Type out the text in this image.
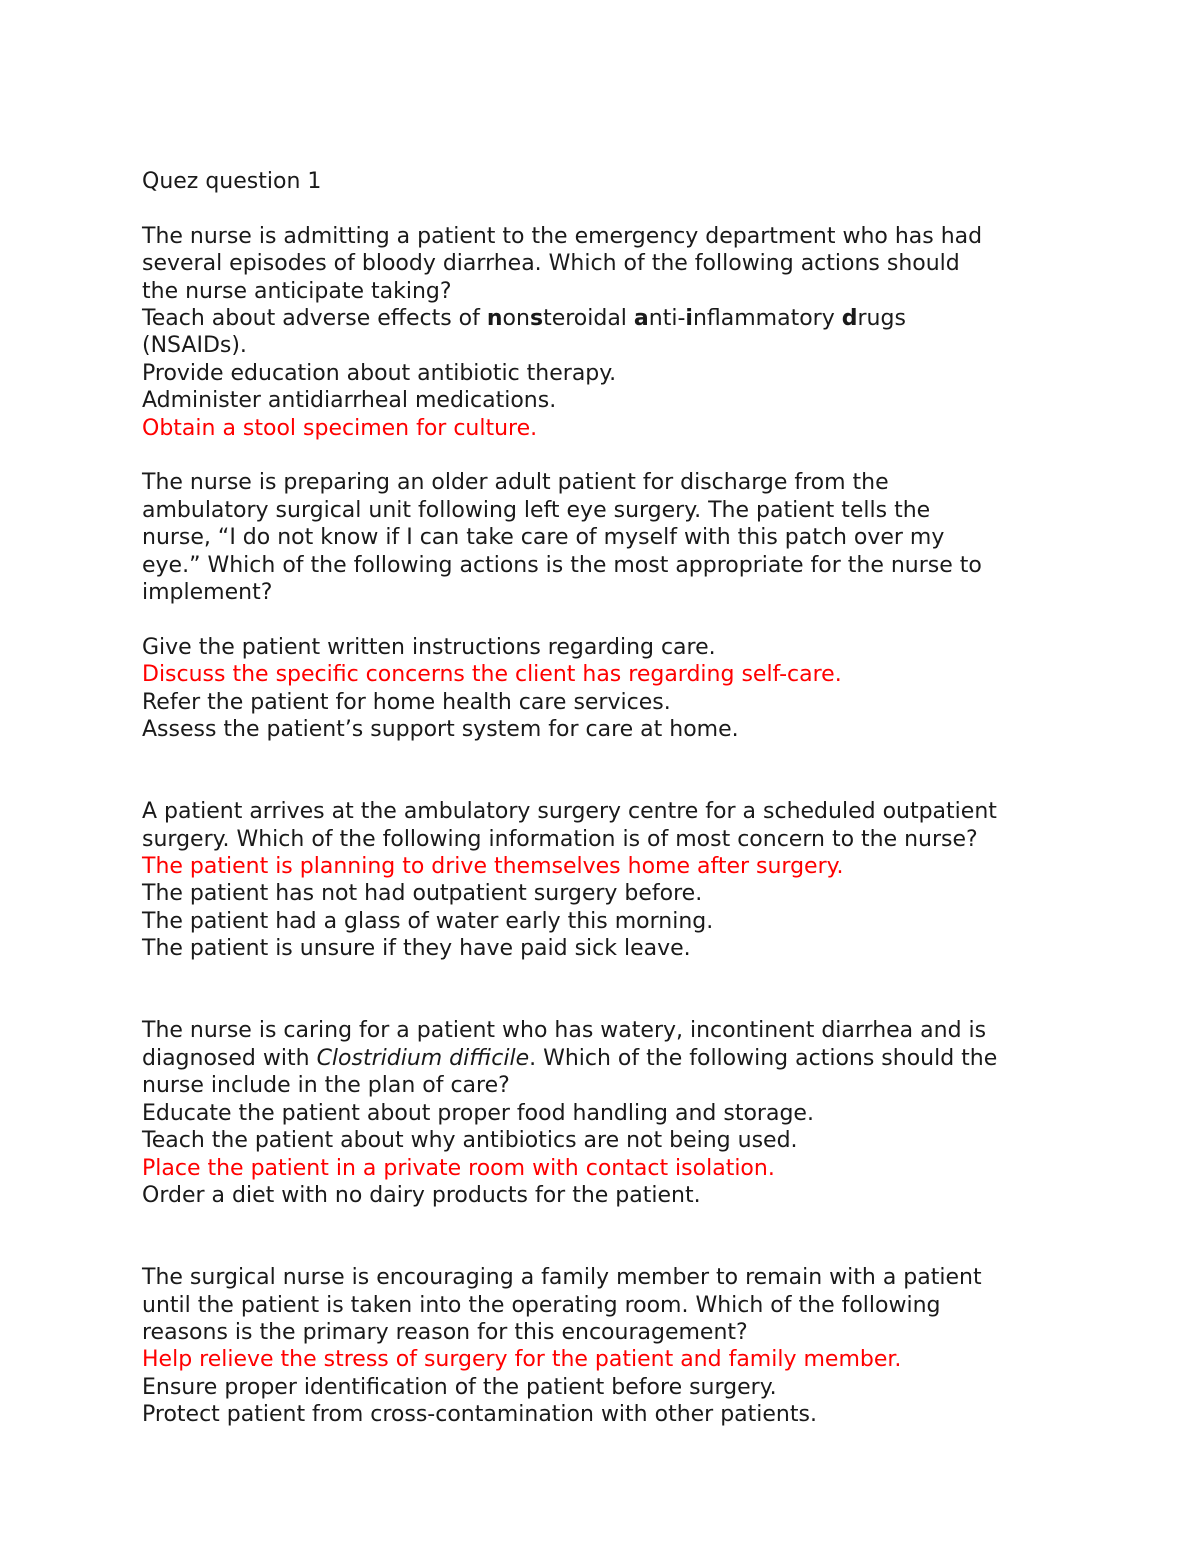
Quez question 1
The nurse is admitting a patient to the emergency department who has had
several episodes of bloody diarrhea. Which of the following actions should
the nurse anticipate taking?
Teach about adverse effects of nonsteroidal anti-inflammatory drugs
(NSAIDs).
Provide education about antibiotic therapy.
Administer antidiarrheal medications.
Obtain a stool specimen for culture.
The nurse is preparing an older adult patient for discharge from the
ambulatory surgical unit following left eye surgery. The patient tells the
nurse, “I do not know if I can take care of myself with this patch over my
eye.” Which of the following actions is the most appropriate for the nurse to
implement?
Give the patient written instructions regarding care.
Discuss the specific concerns the client has regarding self-care.
Refer the patient for home health care services.
Assess the patient’s support system for care at home.
A patient arrives at the ambulatory surgery centre for a scheduled outpatient
surgery. Which of the following information is of most concern to the nurse?
The patient is planning to drive themselves home after surgery.
The patient has not had outpatient surgery before.
The patient had a glass of water early this morning.
The patient is unsure if they have paid sick leave.
The nurse is caring for a patient who has watery, incontinent diarrhea and is
diagnosed with Clostridium difficile. Which of the following actions should the
nurse include in the plan of care?
Educate the patient about proper food handling and storage.
Teach the patient about why antibiotics are not being used.
Place the patient in a private room with contact isolation.
Order a diet with no dairy products for the patient.
The surgical nurse is encouraging a family member to remain with a patient
until the patient is taken into the operating room. Which of the following
reasons is the primary reason for this encouragement?
Help relieve the stress of surgery for the patient and family member.
Ensure proper identification of the patient before surgery.
Protect patient from cross-contamination with other patients.
